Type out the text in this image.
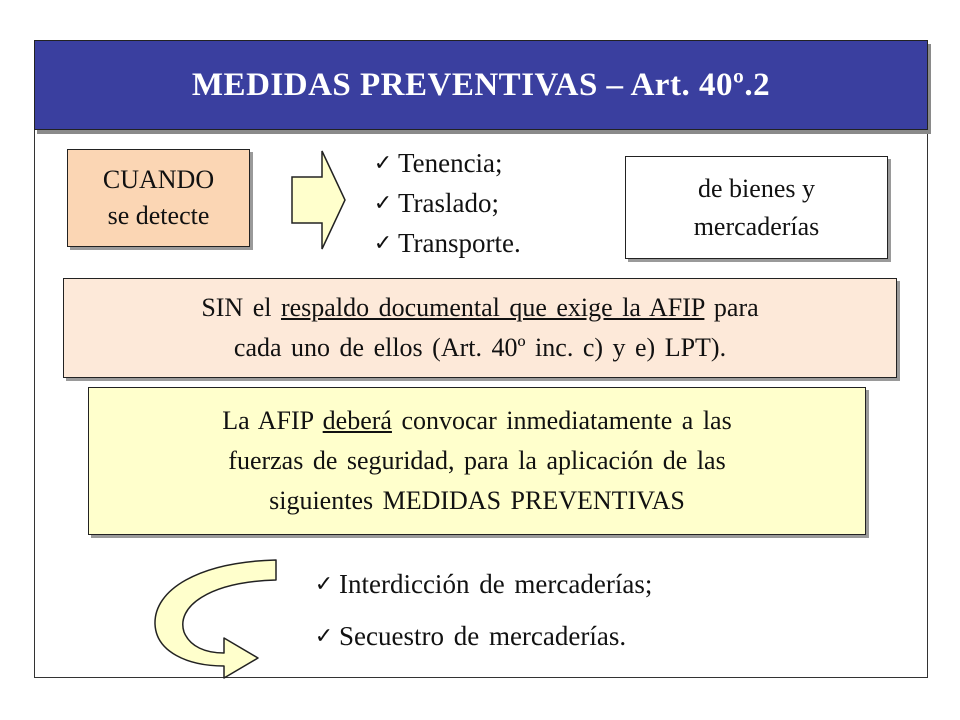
MEDIDAS PREVENTIVAS – Art. 40º.2
CUANDO
se detecte
✓ Tenencia;
✓ Traslado;
✓ Transporte.
de bienes y
mercaderías
SIN el respaldo documental que exige la AFIP para
cada uno de ellos (Art. 40º inc. c) y e) LPT).
La AFIP deberá convocar inmediatamente a las
fuerzas de seguridad, para la aplicación de las
siguientes MEDIDAS PREVENTIVAS
✓ Interdicción de mercaderías;
✓ Secuestro de mercaderías.
